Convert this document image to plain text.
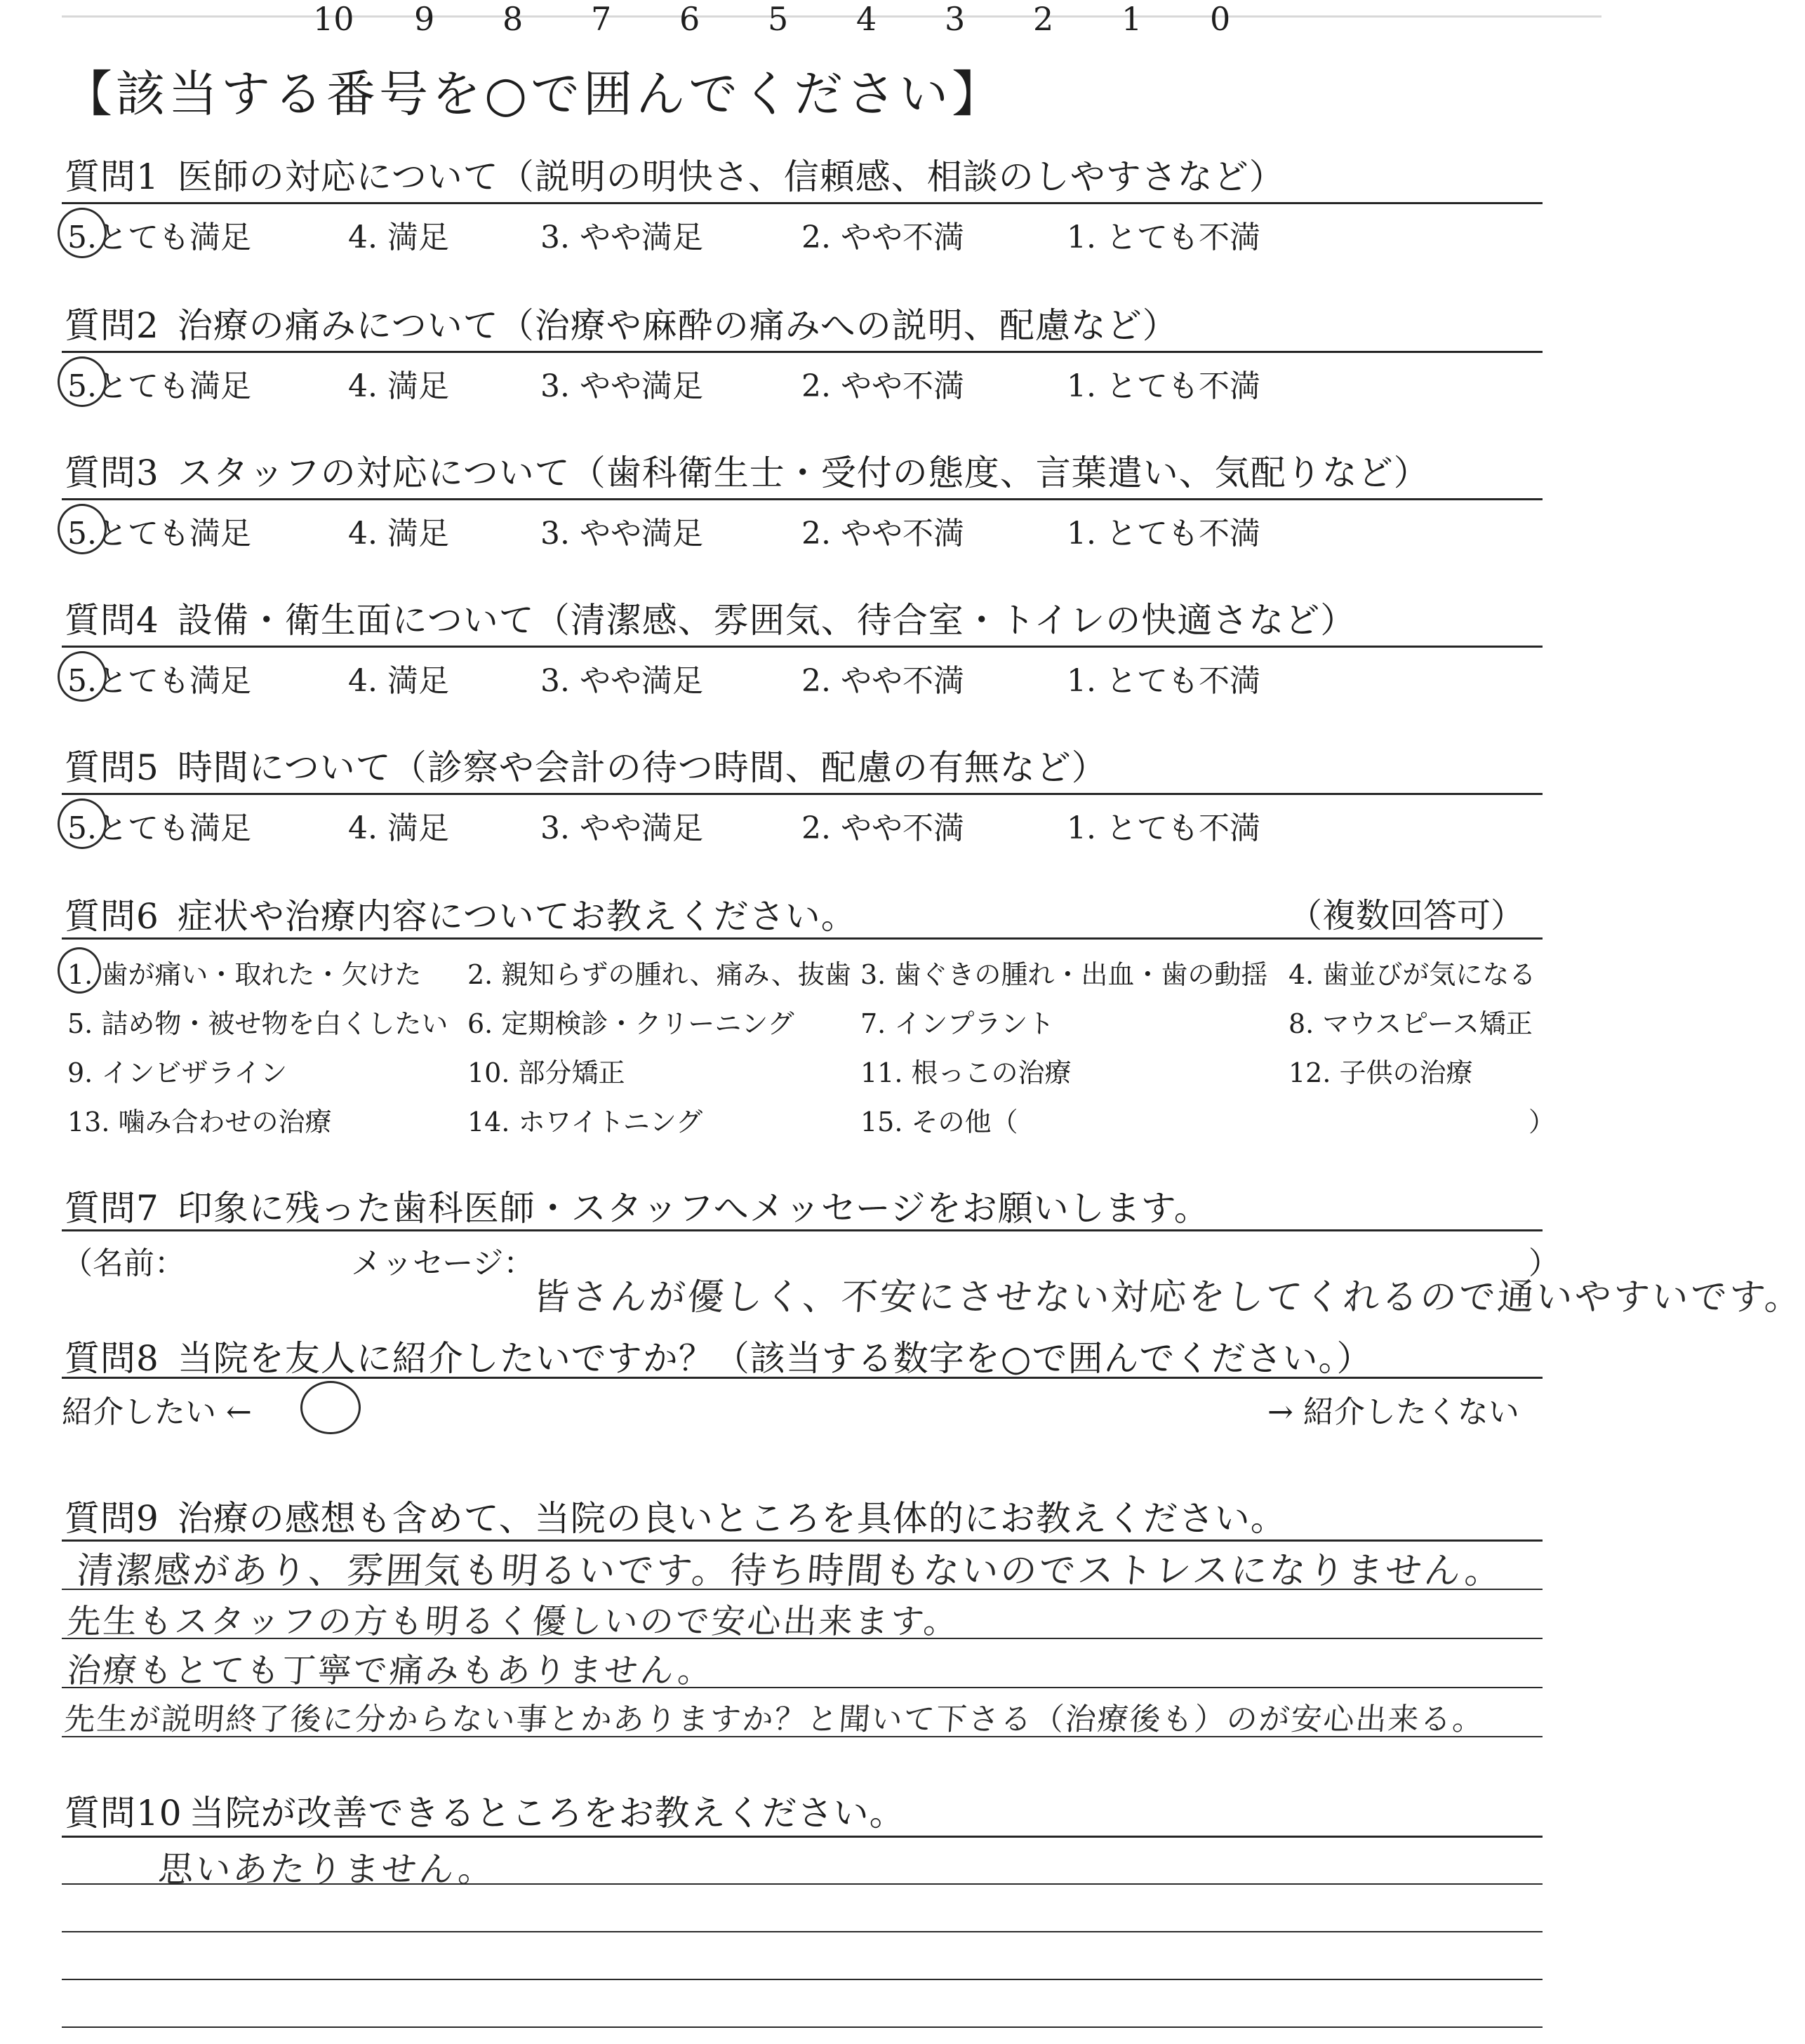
【該当する番号を○で囲んでください】
質問1 医師の対応について（説明の明快さ、信頼感、相談のしやすさなど）
5.とても満足	4. 満足	3. やや満足	2. やや不満	1. とても不満
質問2 治療の痛みについて（治療や麻酔の痛みへの説明、配慮など）
5.とても満足	4. 満足	3. やや満足	2. やや不満	1. とても不満
質問3 スタッフの対応について（歯科衛生士・受付の態度、言葉遣い、気配りなど）
5.とても満足	4. 満足	3. やや満足	2. やや不満	1. とても不満
質問4 設備・衛生面について（清潔感、雰囲気、待合室・トイレの快適さなど）
5.とても満足	4. 満足	3. やや満足	2. やや不満	1. とても不満
質問5 時間について（診察や会計の待つ時間、配慮の有無など）
5.とても満足	4. 満足	3. やや満足	2. やや不満	1. とても不満
質問6 症状や治療内容についてお教えください。	（複数回答可）
1. 歯が痛い・取れた・欠けた 2. 親知らずの腫れ、痛み、抜歯 3. 歯ぐきの腫れ・出血・歯の動揺 4. 歯並びが気になる
5. 詰め物・被せ物を白くしたい 6. 定期検診・クリーニング 7. インプラント	8. マウスピース矯正
9. インビザライン	10. 部分矯正	11. 根っこの治療	12. 子供の治療
13. 噛み合わせの治療	14. ホワイトニング	15. その他（	）
質問7 印象に残った歯科医師・スタッフへメッセージをお願いします。
（名前：	メッセージ：	）
皆さんが優しく、不安にさせない対応をしてくれるので通いやすいです。
質問8 当院を友人に紹介したいですか？（該当する数字を○で囲んでください。）
紹介したい ←	→ 紹介したくない
10 9 8 7 6 5 4 3 2 1 0
質問9 治療の感想も含めて、当院の良いところを具体的にお教えください。
清潔感があり、雰囲気も明るいです。待ち時間もないのでストレスになりません。
先生もスタッフの方も明るく優しいので安心出来ます。
治療もとても丁寧で痛みもありません。
先生が説明終了後に分からない事とかありますか？と聞いて下さる（治療後も）のが安心出来る。
質問10 当院が改善できるところをお教えください。
思いあたりません。
